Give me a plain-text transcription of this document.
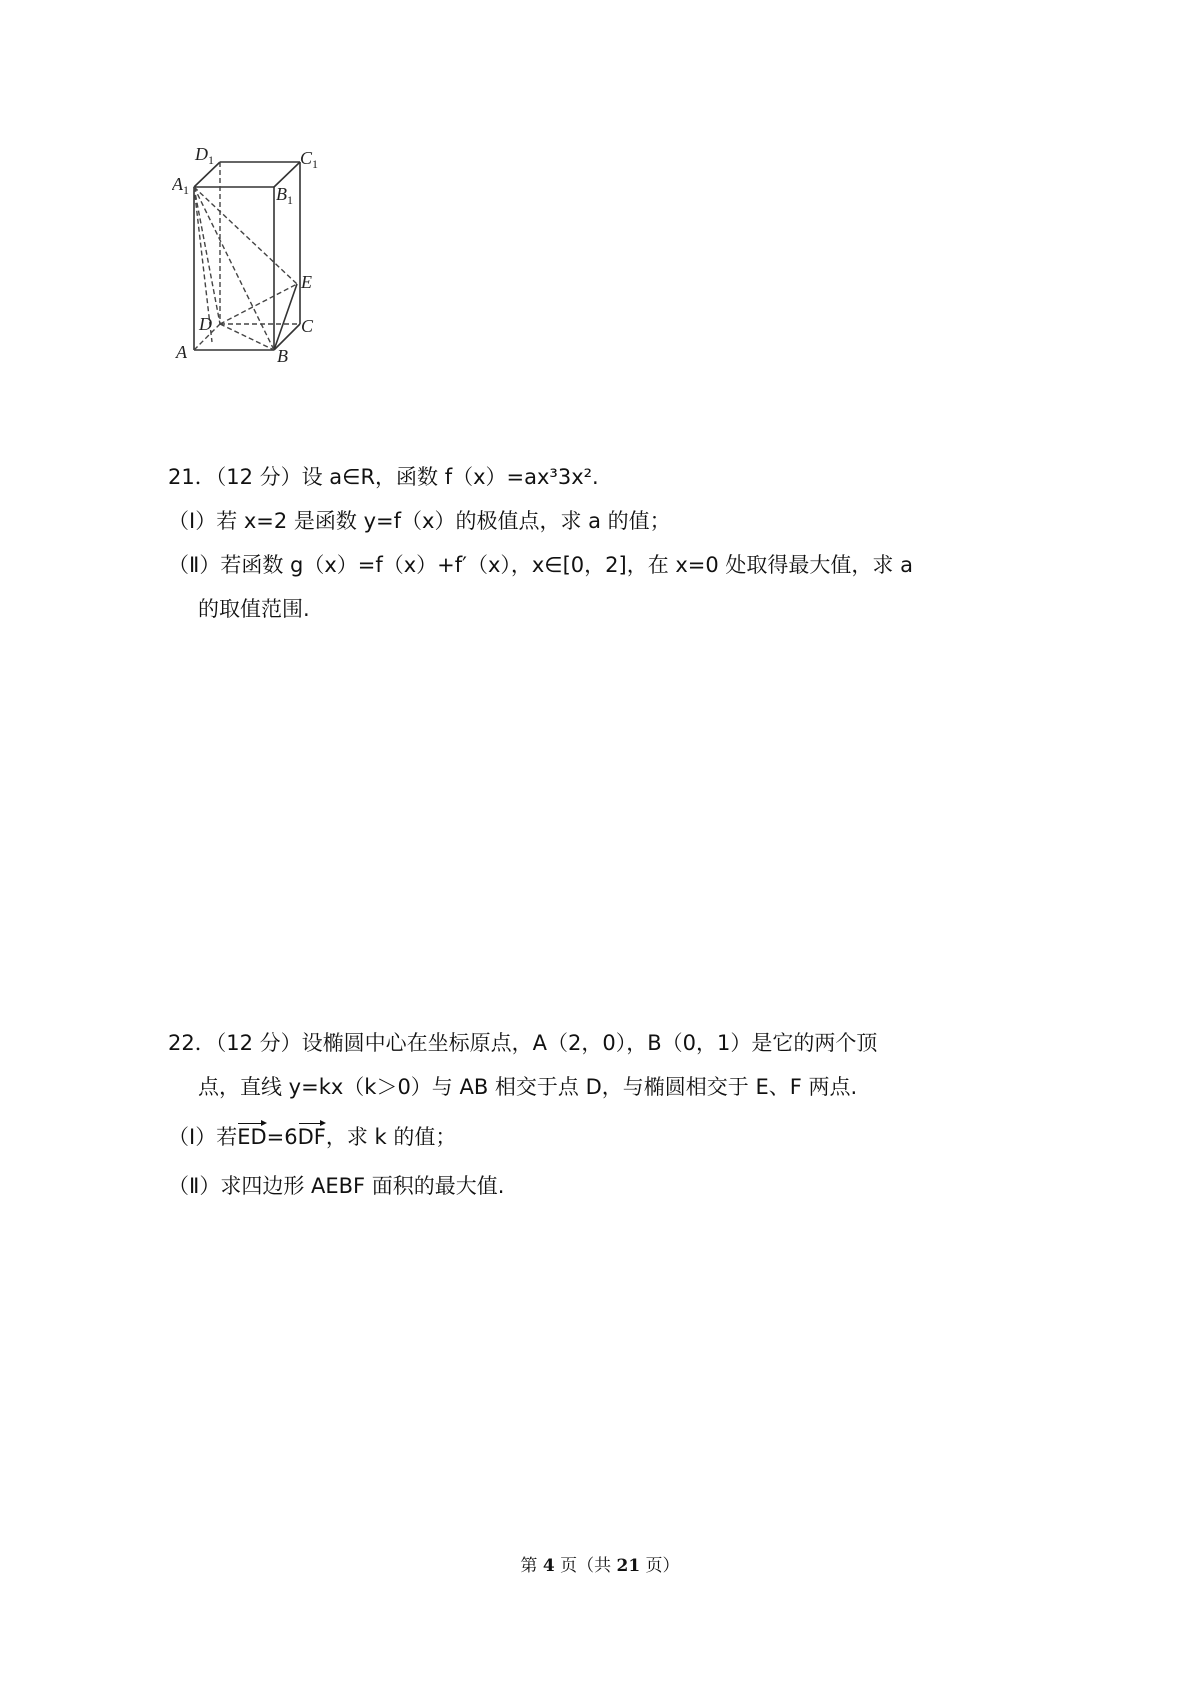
$D_1$	$C_1$
$A_1$	$B_1$
E
D	C
A	B
21．（12 分）设 a∈R，函数 f（x）=ax³﻿3x².
（Ⅰ）若 x=2 是函数 y=f（x）的极值点，求 a 的值；
（Ⅱ）若函数 g（x）=f（x）+f′（x），x∈[0，2]，在 x=0 处取得最大值，求 a
的取值范围.
22．（12 分）设椭圆中心在坐标原点，A（2，0），B（0，1）是它的两个顶
点，直线 y=kx（k＞0）与 AB 相交于点 D，与椭圆相交于 E、F 两点.
（Ⅰ）若ED=6DF，求 k 的值；
（Ⅱ）求四边形 AEBF 面积的最大值.
第 4 页（共 21 页）
